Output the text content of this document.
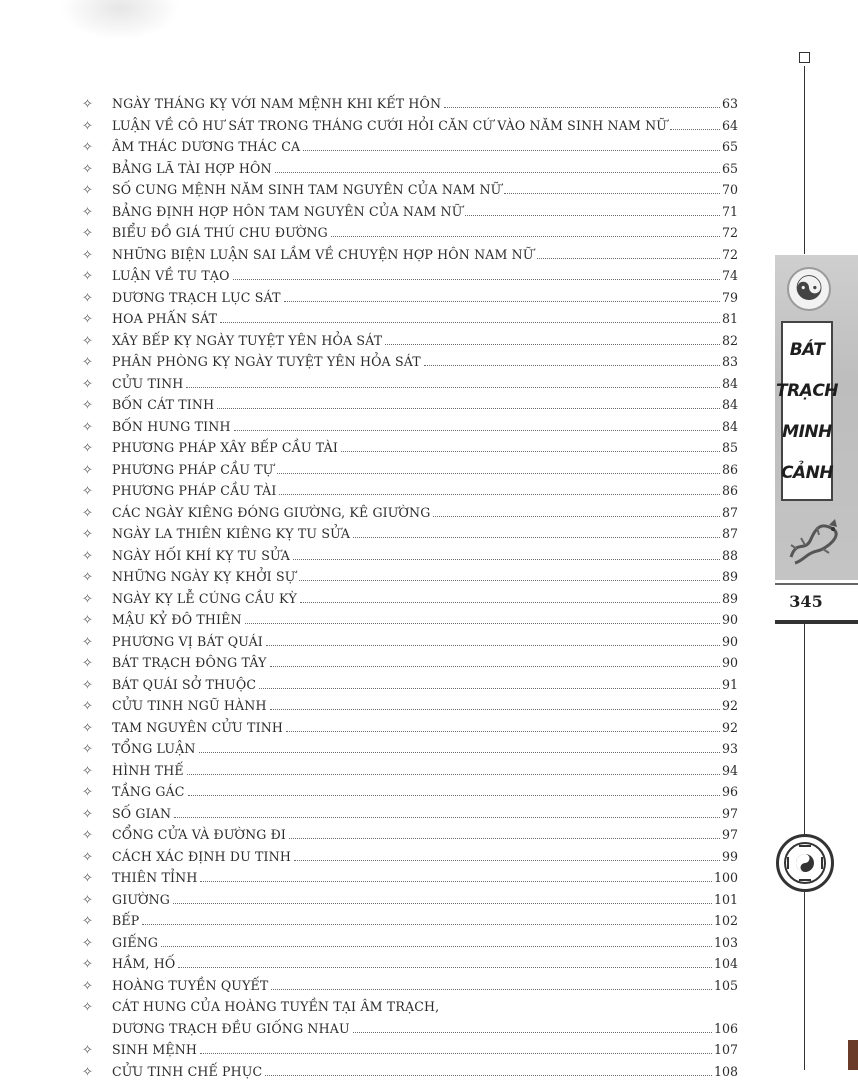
✧	NGÀY THÁNG KỴ VỚI NAM MỆNH KHI KẾT HÔN	63
✧	LUẬN VỀ CÔ HƯ SÁT TRONG THÁNG CƯỚI HỎI CĂN CỨ VÀO NĂM SINH NAM NỮ	64
✧	ÂM THÁC DƯƠNG THÁC CA	65
✧	BẢNG LÃ TÀI HỢP HÔN	65
✧	SỐ CUNG MỆNH NĂM SINH TAM NGUYÊN CỦA NAM NỮ	70
✧	BẢNG ĐỊNH HỢP HÔN TAM NGUYÊN CỦA NAM NỮ	71
✧	BIỂU ĐỒ GIÁ THÚ CHU ĐƯỜNG	72
✧	NHỮNG BIỆN LUẬN SAI LẦM VỀ CHUYỆN HỢP HÔN NAM NỮ	72
✧	LUẬN VỀ TU TẠO	74
✧	DƯƠNG TRẠCH LỤC SÁT	79
✧	HOA PHẤN SÁT	81
✧	XÂY BẾP KỴ NGÀY TUYỆT YÊN HỎA SÁT	82
✧	PHÂN PHÒNG KỴ NGÀY TUYỆT YÊN HỎA SÁT	83
✧	CỬU TINH	84
✧	BỐN CÁT TINH	84
✧	BỐN HUNG TINH	84
✧	PHƯƠNG PHÁP XÂY BẾP CẦU TÀI	85
✧	PHƯƠNG PHÁP CẦU TỰ	86
✧	PHƯƠNG PHÁP CẦU TÀI	86
✧	CÁC NGÀY KIÊNG ĐÓNG GIƯỜNG, KÊ GIƯỜNG	87
✧	NGÀY LA THIÊN KIÊNG KỴ TU SỬA	87
✧	NGÀY HỐI KHÍ KỴ TU SỬA	88
✧	NHỮNG NGÀY KỴ KHỞI SỰ	89
✧	NGÀY KỴ LỄ CÚNG CẦU KỲ	89
✧	MẬU KỶ ĐÔ THIÊN	90
✧	PHƯƠNG VỊ BÁT QUÁI	90
✧	BÁT TRẠCH ĐÔNG TÂY	90
✧	BÁT QUÁI SỞ THUỘC	91
✧	CỬU TINH NGŨ HÀNH	92
✧	TAM NGUYÊN CỬU TINH	92
✧	TỔNG LUẬN	93
✧	HÌNH THẾ	94
✧	TẦNG GÁC	96
✧	SỐ GIAN	97
✧	CỔNG CỬA VÀ ĐƯỜNG ĐI	97
✧	CÁCH XÁC ĐỊNH DU TINH	99
✧	THIÊN TỈNH	100
✧	GIƯỜNG	101
✧	BẾP	102
✧	GIẾNG	103
✧	HẦM, HỐ	104
✧	HOÀNG TUYỀN QUYẾT	105
✧	CÁT HUNG CỦA HOÀNG TUYỀN TẠI ÂM TRẠCH,
DƯƠNG TRẠCH ĐỀU GIỐNG NHAU	106
✧	SINH MỆNH	107
✧	CỬU TINH CHẾ PHỤC	108
☯
BÁT
TRẠCH
MINH
CẢNH
345
